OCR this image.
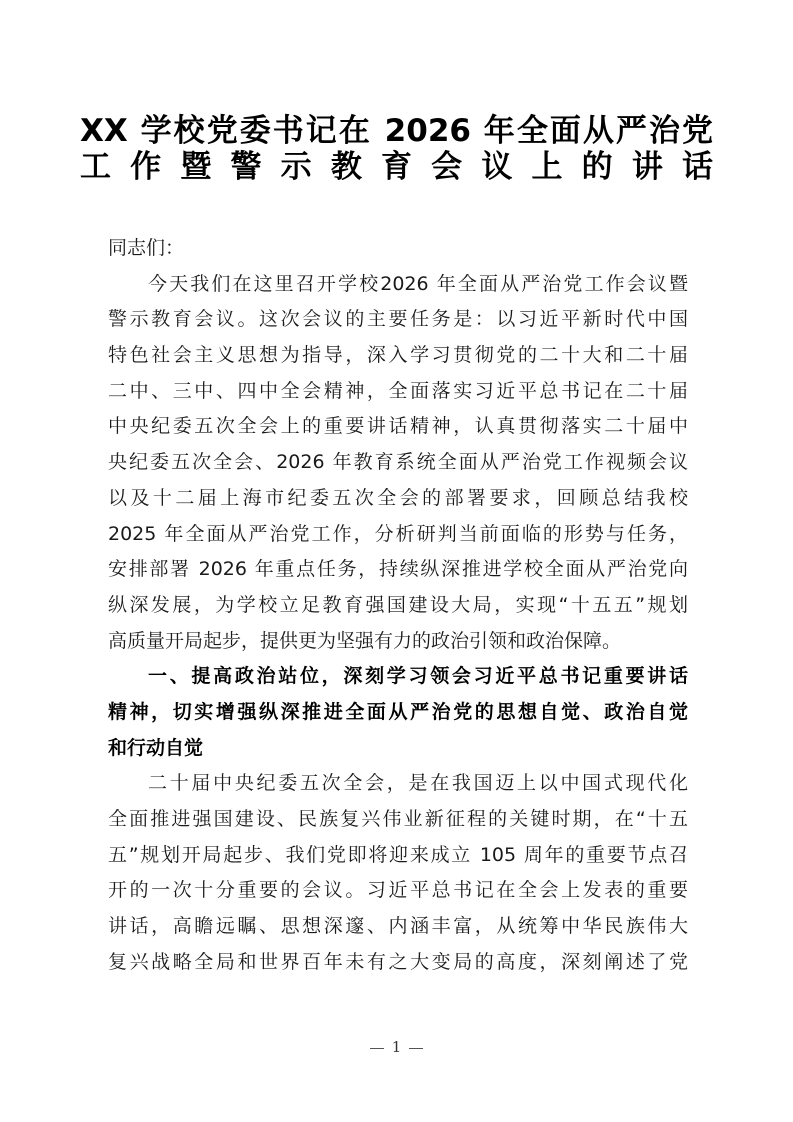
XX 学校党委书记在 2026 年全面从严治党
工作暨警示教育会议上的讲话
同志们：
今天我们在这里召开学校2026 年全面从严治党工作会议暨
警示教育会议。这次会议的主要任务是：以习近平新时代中国
特色社会主义思想为指导，深入学习贯彻党的二十大和二十届
二中、三中、四中全会精神，全面落实习近平总书记在二十届
中央纪委五次全会上的重要讲话精神，认真贯彻落实二十届中
央纪委五次全会、2026 年教育系统全面从严治党工作视频会议
以及十二届上海市纪委五次全会的部署要求，回顾总结我校
2025 年全面从严治党工作，分析研判当前面临的形势与任务，
安排部署 2026 年重点任务，持续纵深推进学校全面从严治党向
纵深发展，为学校立足教育强国建设大局，实现“十五五”规划
高质量开局起步，提供更为坚强有力的政治引领和政治保障。
一、提高政治站位，深刻学习领会习近平总书记重要讲话
精神，切实增强纵深推进全面从严治党的思想自觉、政治自觉
和行动自觉
二十届中央纪委五次全会，是在我国迈上以中国式现代化
全面推进强国建设、民族复兴伟业新征程的关键时期，在“十五
五”规划开局起步、我们党即将迎来成立 105 周年的重要节点召
开的一次十分重要的会议。习近平总书记在全会上发表的重要
讲话，高瞻远瞩、思想深邃、内涵丰富，从统筹中华民族伟大
复兴战略全局和世界百年未有之大变局的高度，深刻阐述了党
1
